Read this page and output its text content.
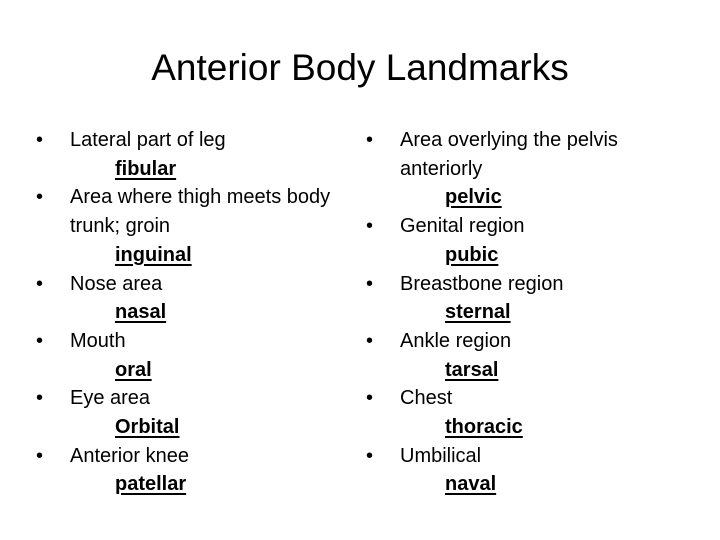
Anterior Body Landmarks
•	Lateral part of leg
fibular
•	Area where thigh meets body trunk; groin
inguinal
•	Nose area
nasal
•	Mouth
oral
•	Eye area
Orbital
•	Anterior knee
patellar
•	Area overlying the pelvis anteriorly
pelvic
•	Genital region
pubic
•	Breastbone region
sternal
•	Ankle region
tarsal
•	Chest
thoracic
•	Umbilical
naval
